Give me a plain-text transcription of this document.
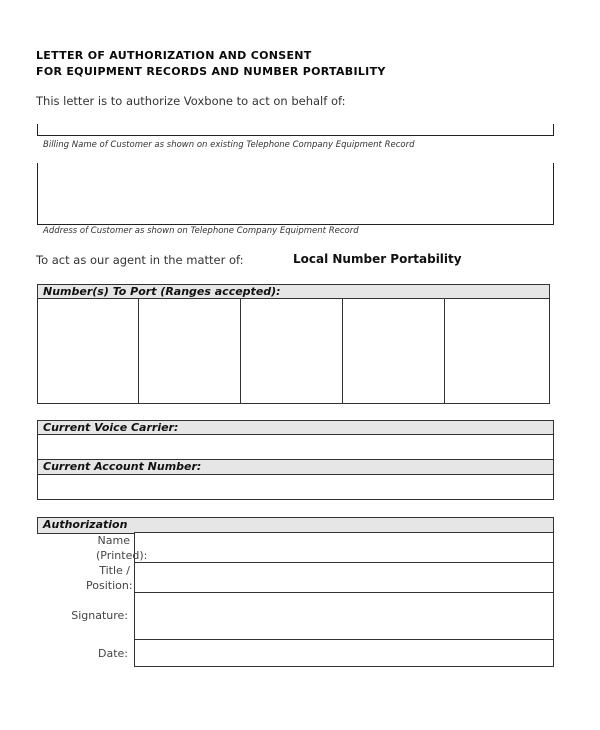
LETTER OF AUTHORIZATION AND CONSENT
FOR EQUIPMENT RECORDS AND NUMBER PORTABILITY
This letter is to authorize Voxbone to act on behalf of:
Billing Name of Customer as shown on existing Telephone Company Equipment Record
Address of Customer as shown on Telephone Company Equipment Record
To act as our agent in the matter of:	Local Number Portability
Number(s) To Port (Ranges accepted):
Current Voice Carrier:
Current Account Number:
Authorization
Name (Printed):
Title / Position:
Signature:
Date:
